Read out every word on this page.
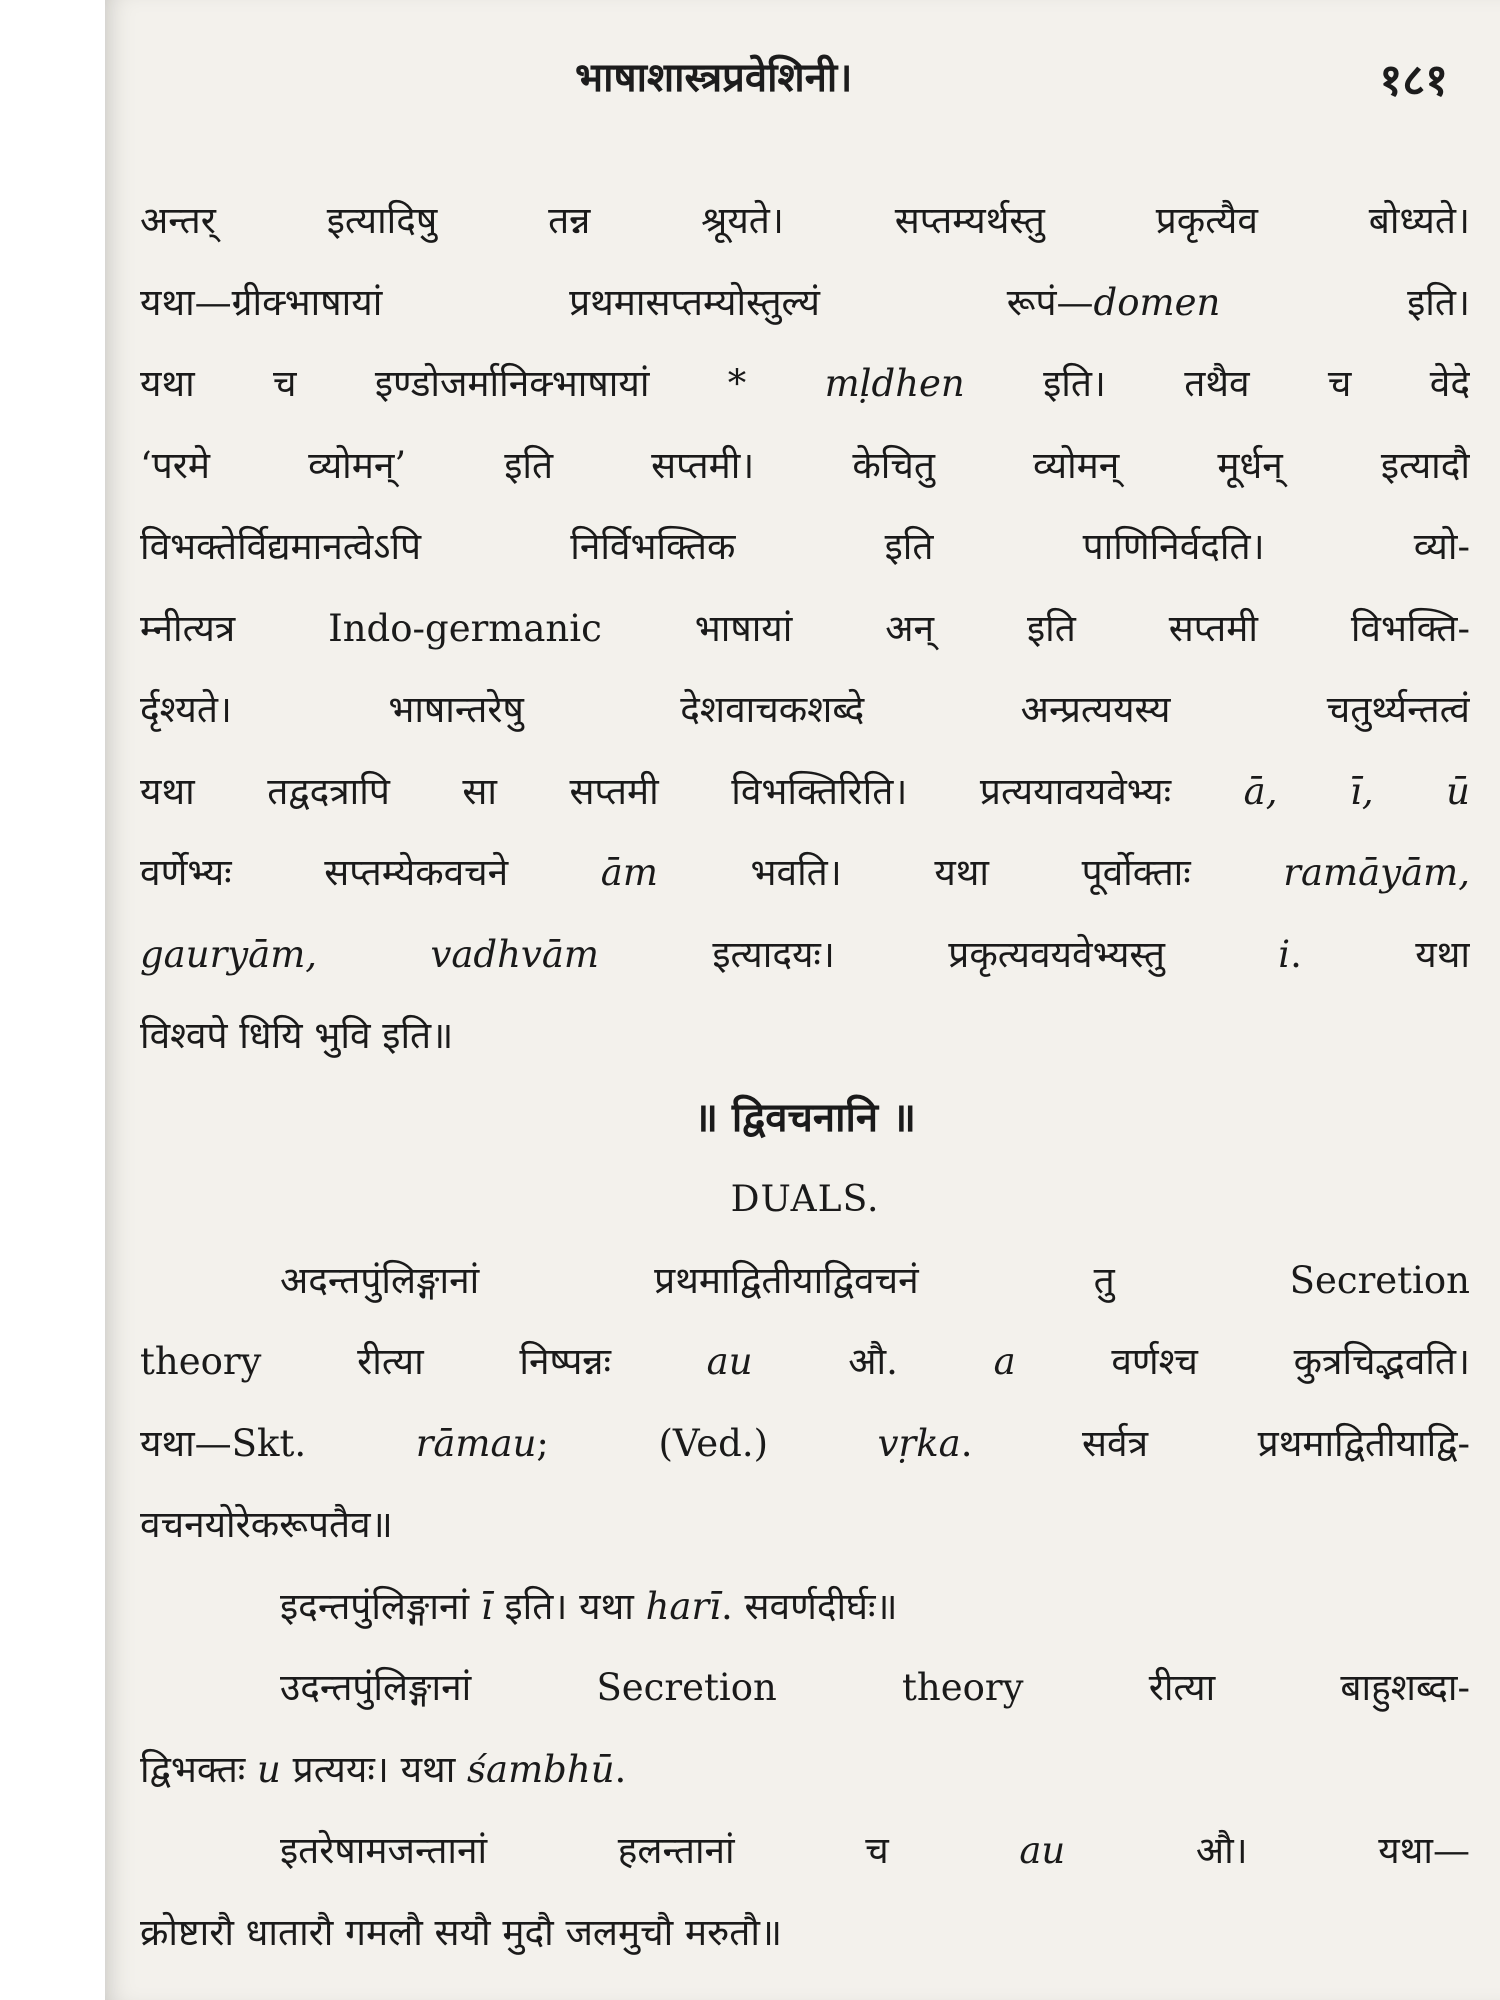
भाषाशास्त्रप्रवेशिनी।	१८१
अन्तर् इत्यादिषु तन्न श्रूयते। सप्तम्यर्थस्तु प्रकृत्यैव बोध्यते।
यथा—ग्रीक्भाषायां प्रथमासप्तम्योस्तुल्यं रूपं—domen इति।
यथा च इण्डोजर्मानिक्भाषायां * mḷdhen इति। तथैव च वेदे
‘परमे व्योमन्’ इति सप्तमी। केचितु व्योमन् मूर्धन् इत्यादौ
विभक्तेर्विद्यमानत्वेऽपि निर्विभक्तिक इति पाणिनिर्वदति। व्यो-
म्नीत्यत्र Indo-germanic भाषायां अन् इति सप्तमी विभक्ति-
र्दृश्यते। भाषान्तरेषु देशवाचकशब्दे अन्प्रत्ययस्य चतुर्थ्यन्तत्वं
यथा तद्वदत्रापि सा सप्तमी विभक्तिरिति। प्रत्ययावयवेभ्यः ā, ī, ū
वर्णेभ्यः सप्तम्येकवचने ām भवति। यथा पूर्वोक्ताः ramāyām,
gauryām, vadhvām इत्यादयः। प्रकृत्यवयवेभ्यस्तु i. यथा
विश्वपे धियि भुवि इति॥
॥ द्विवचनानि ॥
DUALS.
अदन्तपुंलिङ्गानां प्रथमाद्वितीयाद्विवचनं तु Secretion
theory रीत्या निष्पन्नः au औ. a वर्णश्च कुत्रचिद्भवति।
यथा—Skt. rāmau; (Ved.) vṛka. सर्वत्र प्रथमाद्वितीयाद्वि-
वचनयोरेकरूपतैव॥
इदन्तपुंलिङ्गानां ī इति। यथा harī. सवर्णदीर्घः॥
उदन्तपुंलिङ्गानां Secretion theory रीत्या बाहुशब्दा-
द्विभक्तः u प्रत्ययः। यथा śambhū.
इतरेषामजन्तानां हलन्तानां च au औ। यथा—
क्रोष्टारौ धातारौ गमलौ सयौ मुदौ जलमुचौ मरुतौ॥
